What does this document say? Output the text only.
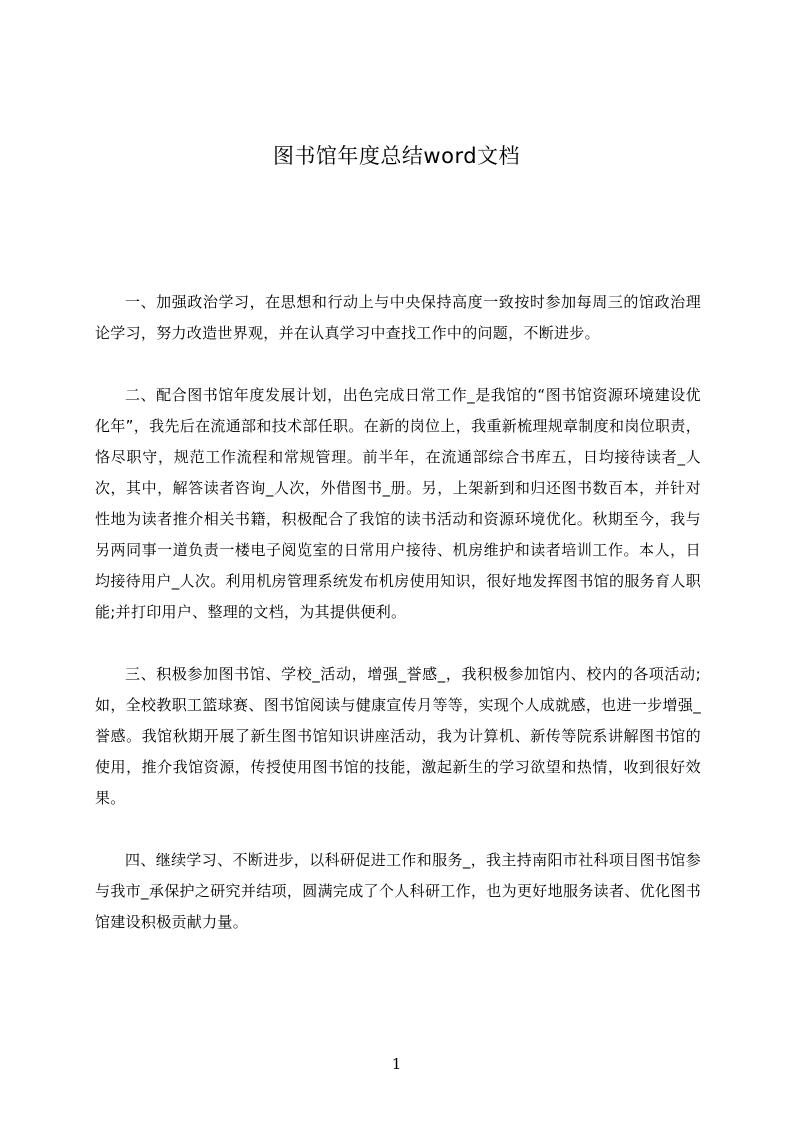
图书馆年度总结word文档

一、加强政治学习，在思想和行动上与中央保持高度一致按时参加每周三的馆政治理论学习，努力改造世界观，并在认真学习中查找工作中的问题，不断进步。

二、配合图书馆年度发展计划，出色完成日常工作_是我馆的“图书馆资源环境建设优化年”，我先后在流通部和技术部任职。在新的岗位上，我重新梳理规章制度和岗位职责，恪尽职守，规范工作流程和常规管理。前半年，在流通部综合书库五，日均接待读者_人次，其中，解答读者咨询_人次，外借图书_册。另，上架新到和归还图书数百本，并针对性地为读者推介相关书籍，积极配合了我馆的读书活动和资源环境优化。秋期至今，我与另两同事一道负责一楼电子阅览室的日常用户接待、机房维护和读者培训工作。本人，日均接待用户_人次。利用机房管理系统发布机房使用知识，很好地发挥图书馆的服务育人职能;并打印用户、整理的文档，为其提供便利。

三、积极参加图书馆、学校_活动，增强_誉感_，我积极参加馆内、校内的各项活动;如，全校教职工篮球赛、图书馆阅读与健康宣传月等等，实现个人成就感，也进一步增强_誉感。我馆秋期开展了新生图书馆知识讲座活动，我为计算机、新传等院系讲解图书馆的使用，推介我馆资源，传授使用图书馆的技能，激起新生的学习欲望和热情，收到很好效果。

四、继续学习、不断进步，以科研促进工作和服务_，我主持南阳市社科项目图书馆参与我市_承保护之研究并结项，圆满完成了个人科研工作，也为更好地服务读者、优化图书馆建设积极贡献力量。

1
